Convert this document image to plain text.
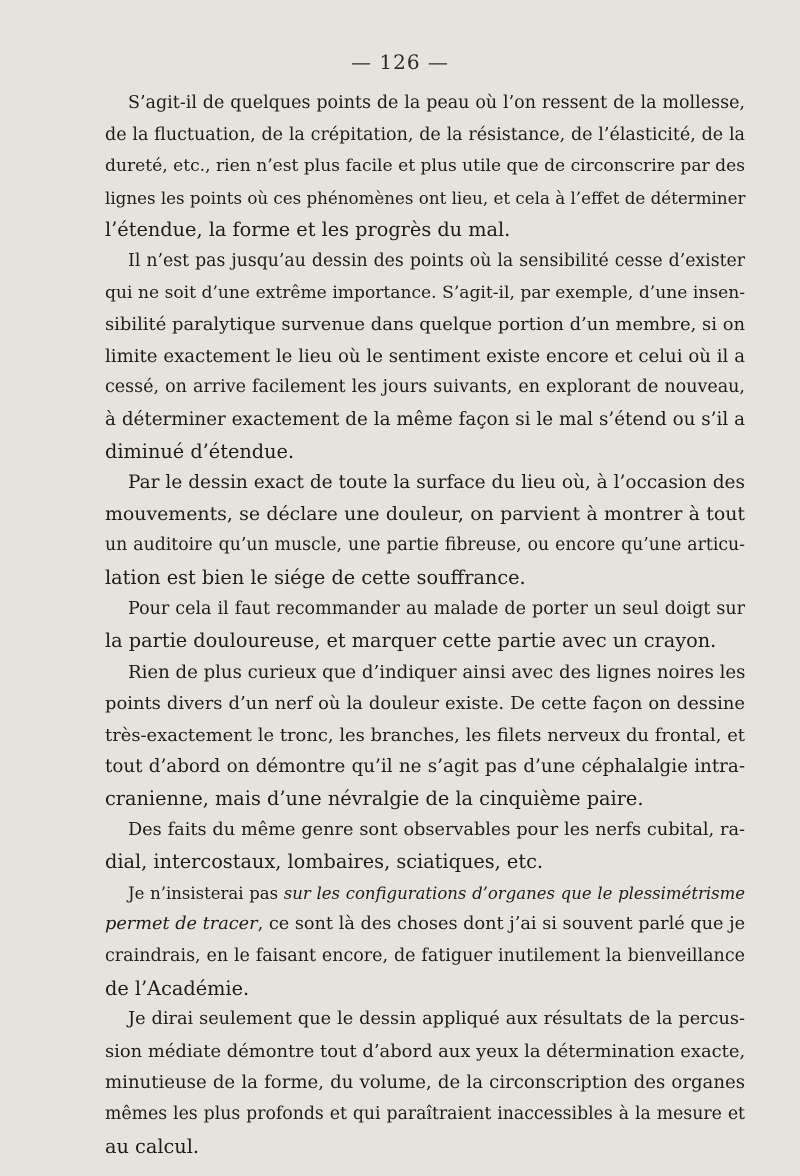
— 126 —
S’agit-il de quelques points de la peau où l’on ressent de la mollesse,
de la fluctuation, de la crépitation, de la résistance, de l’élasticité, de la
dureté, etc., rien n’est plus facile et plus utile que de circonscrire par des
lignes les points où ces phénomènes ont lieu, et cela à l’effet de déterminer
l’étendue, la forme et les progrès du mal.
Il n’est pas jusqu’au dessin des points où la sensibilité cesse d’exister
qui ne soit d’une extrême importance. S’agit-il, par exemple, d’une insen-
sibilité paralytique survenue dans quelque portion d’un membre, si on
limite exactement le lieu où le sentiment existe encore et celui où il a
cessé, on arrive facilement les jours suivants, en explorant de nouveau,
à déterminer exactement de la même façon si le mal s’étend ou s’il a
diminué d’étendue.
Par le dessin exact de toute la surface du lieu où, à l’occasion des
mouvements, se déclare une douleur, on parvient à montrer à tout
un auditoire qu’un muscle, une partie fibreuse, ou encore qu’une articu-
lation est bien le siége de cette souffrance.
Pour cela il faut recommander au malade de porter un seul doigt sur
la partie douloureuse, et marquer cette partie avec un crayon.
Rien de plus curieux que d’indiquer ainsi avec des lignes noires les
points divers d’un nerf où la douleur existe. De cette façon on dessine
très-exactement le tronc, les branches, les filets nerveux du frontal, et
tout d’abord on démontre qu’il ne s’agit pas d’une céphalalgie intra-
cranienne, mais d’une névralgie de la cinquième paire.
Des faits du même genre sont observables pour les nerfs cubital, ra-
dial, intercostaux, lombaires, sciatiques, etc.
Je n’insisterai pas sur les configurations d’organes que le plessimétrisme
permet de tracer, ce sont là des choses dont j’ai si souvent parlé que je
craindrais, en le faisant encore, de fatiguer inutilement la bienveillance
de l’Académie.
Je dirai seulement que le dessin appliqué aux résultats de la percus-
sion médiate démontre tout d’abord aux yeux la détermination exacte,
minutieuse de la forme, du volume, de la circonscription des organes
mêmes les plus profonds et qui paraîtraient inaccessibles à la mesure et
au calcul.
